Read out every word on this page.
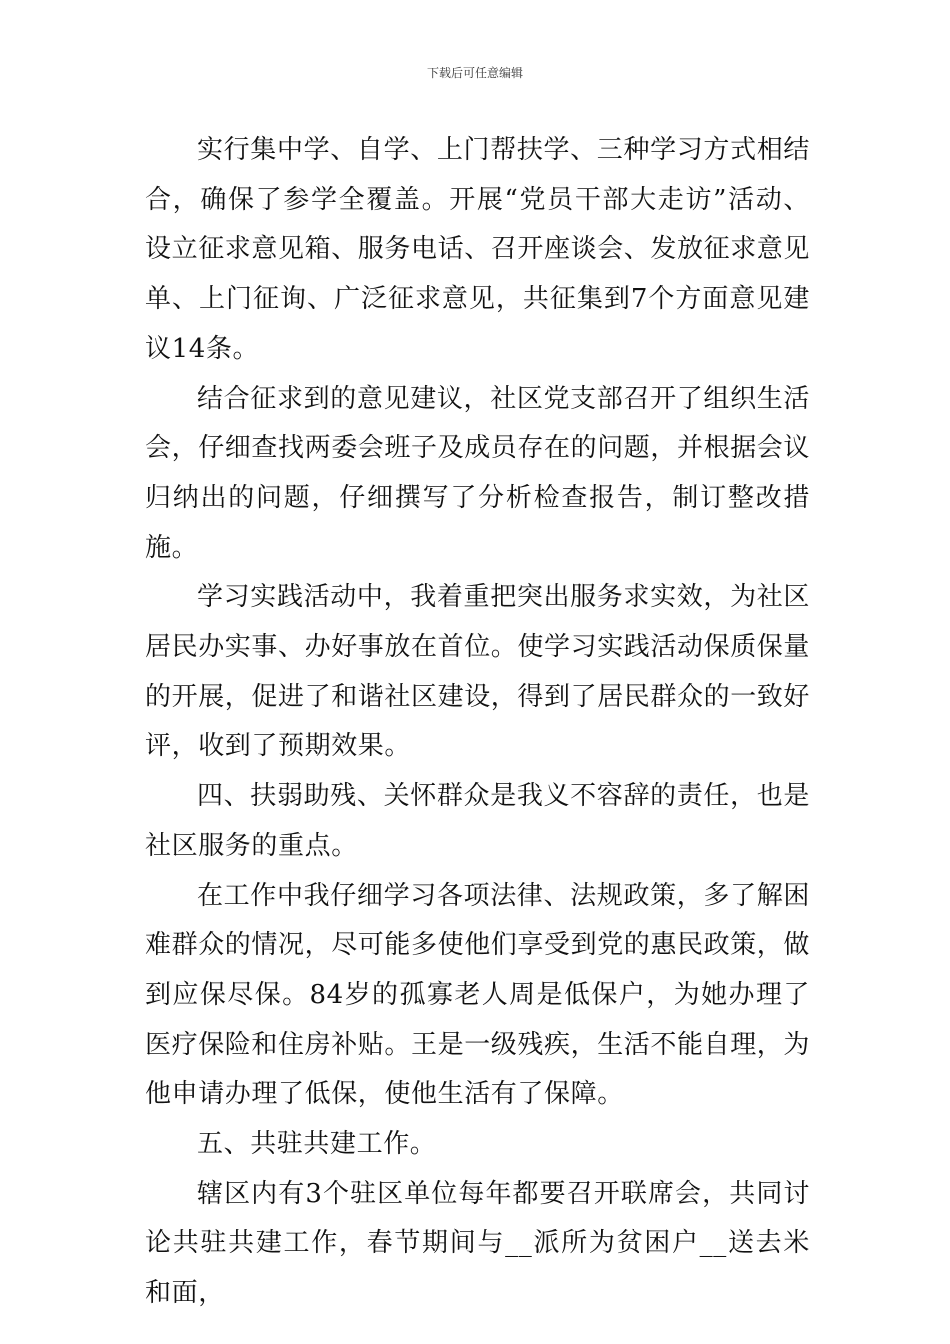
下载后可任意编辑

实行集中学、自学、上门帮扶学、三种学习方式相结合，确保了参学全覆盖。开展“党员干部大走访”活动、设立征求意见箱、服务电话、召开座谈会、发放征求意见单、上门征询、广泛征求意见，共征集到7个方面意见建议14条。

结合征求到的意见建议，社区党支部召开了组织生活会，仔细查找两委会班子及成员存在的问题，并根据会议归纳出的问题，仔细撰写了分析检查报告，制订整改措施。

学习实践活动中，我着重把突出服务求实效，为社区居民办实事、办好事放在首位。使学习实践活动保质保量的开展，促进了和谐社区建设，得到了居民群众的一致好评，收到了预期效果。

四、扶弱助残、关怀群众是我义不容辞的责任，也是社区服务的重点。

在工作中我仔细学习各项法律、法规政策，多了解困难群众的情况，尽可能多使他们享受到党的惠民政策，做到应保尽保。84岁的孤寡老人周是低保户，为她办理了医疗保险和住房补贴。王是一级残疾，生活不能自理，为他申请办理了低保，使他生活有了保障。

五、共驻共建工作。

辖区内有3个驻区单位每年都要召开联席会，共同讨论共驻共建工作，春节期间与__派所为贫困户__送去米和面，
